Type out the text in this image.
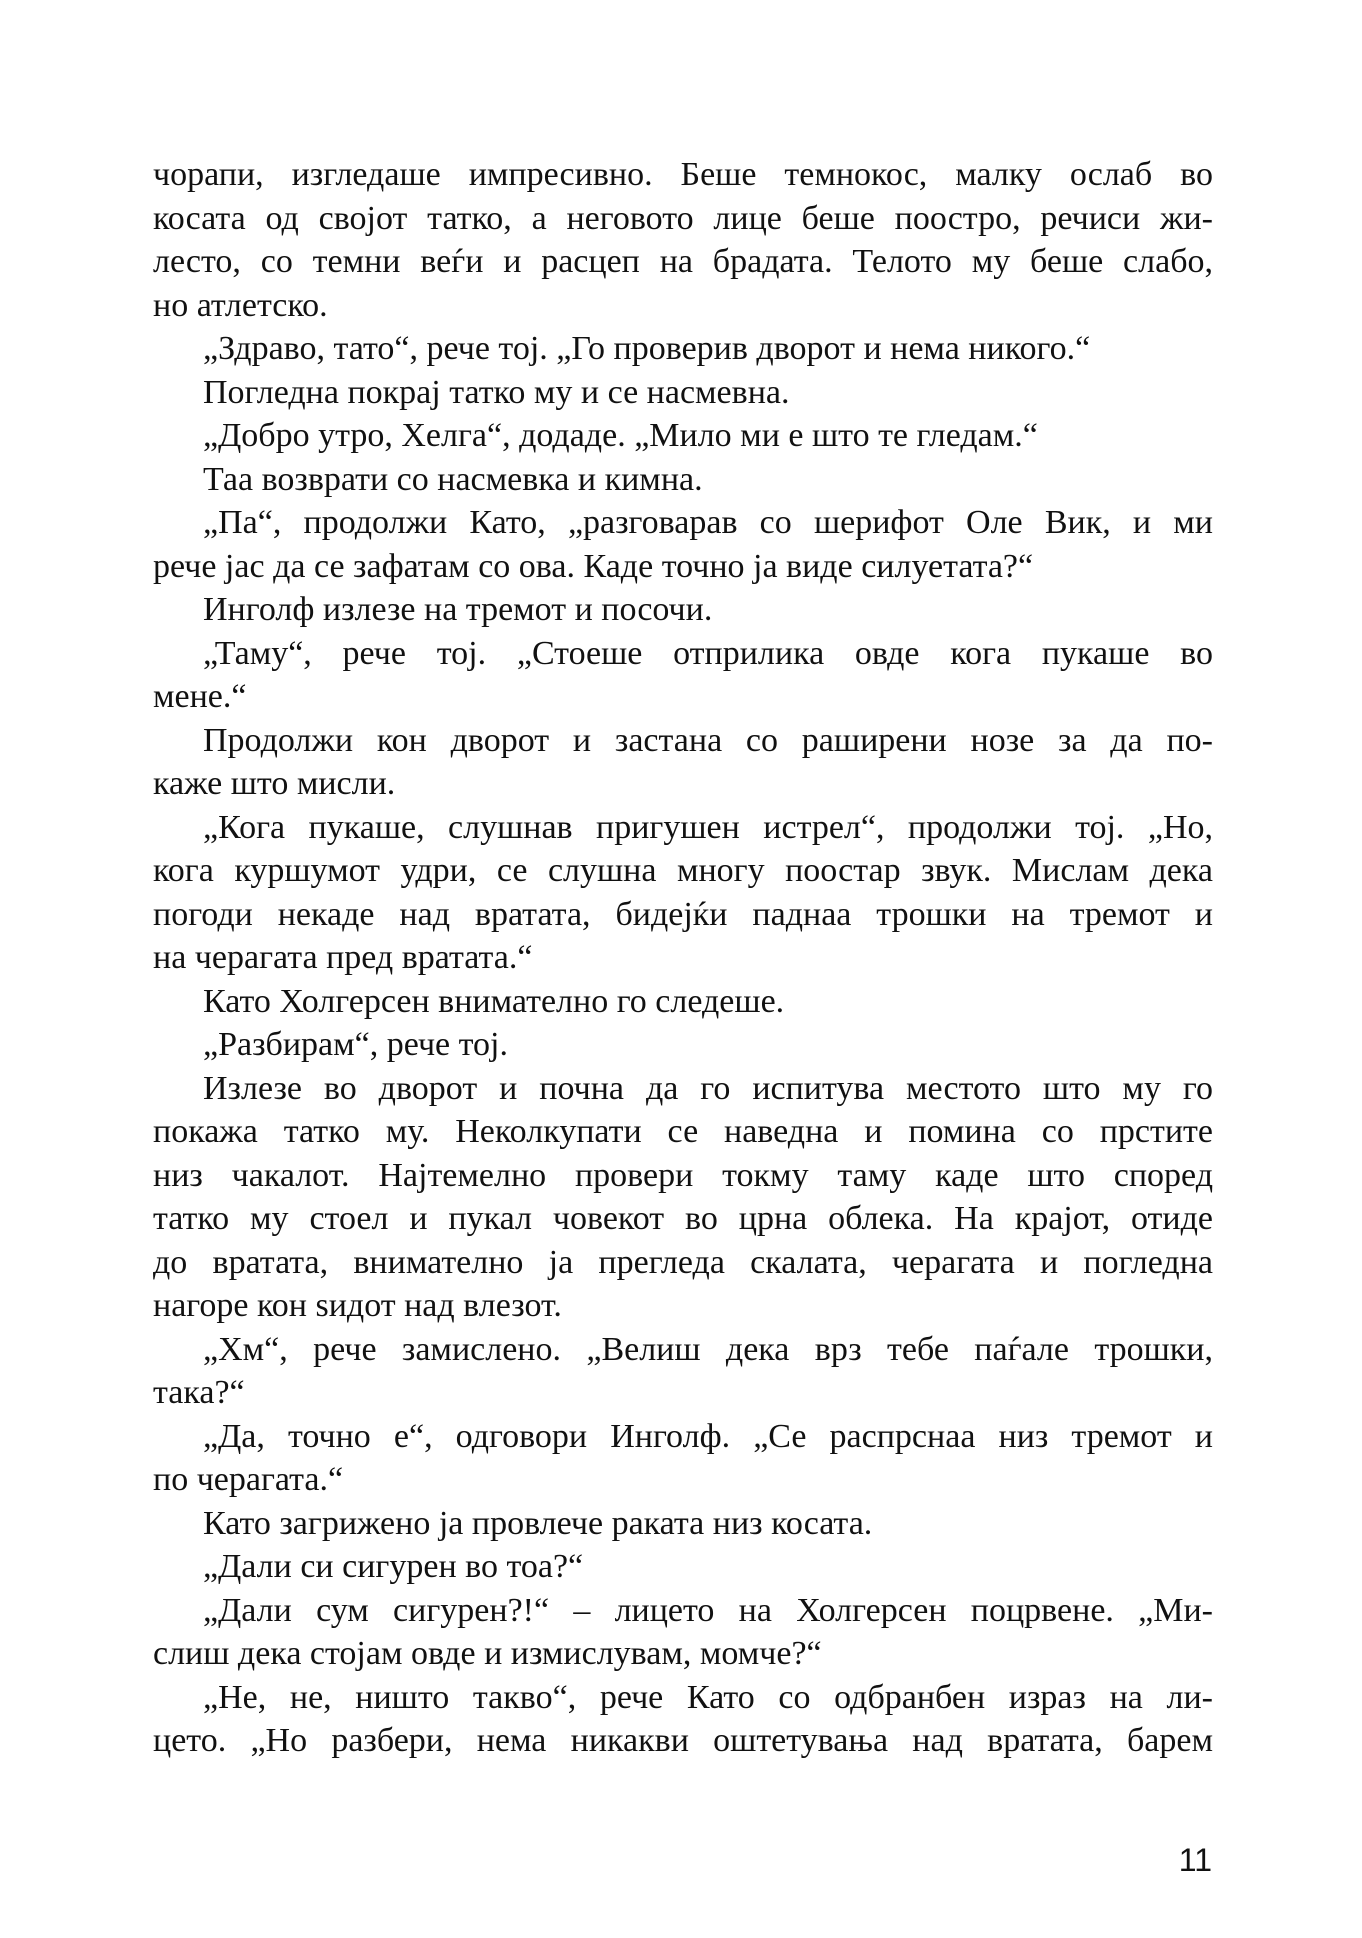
чорапи, изгледаше импресивно. Беше темнокос, малку ослаб во
косата од својот татко, а неговото лице беше поостро, речиси жи-
лесто, со темни веѓи и расцеп на брадата. Телото му беше слабо,
но атлетско.
„Здраво, тато“, рече тој. „Го проверив дворот и нема никого.“
Погледна покрај татко му и се насмевна.
„Добро утро, Хелга“, додаде. „Мило ми е што те гледам.“
Таа возврати со насмевка и кимна.
„Па“, продолжи Като, „разговарав со шерифот Оле Вик, и ми
рече јас да се зафатам со ова. Каде точно ја виде силуетата?“
Инголф излезе на тремот и посочи.
„Таму“, рече тој. „Стоеше отприлика овде кога пукаше во
мене.“
Продолжи кон дворот и застана со раширени нозе за да по-
каже што мисли.
„Кога пукаше, слушнав пригушен истрел“, продолжи тој. „Но,
кога куршумот удри, се слушна многу поостар звук. Мислам дека
погоди некаде над вратата, бидејќи паднаа трошки на тремот и
на черагата пред вратата.“
Като Холгерсен внимателно го следеше.
„Разбирам“, рече тој.
Излезе во дворот и почна да го испитува местото што му го
покажа татко му. Неколкупати се наведна и помина со прстите
низ чакалот. Најтемелно провери токму таму каде што според
татко му стоел и пукал човекот во црна облека. На крајот, отиде
до вратата, внимателно ја прегледа скалата, черагата и погледна
нагоре кон ѕидот над влезот.
„Хм“, рече замислено. „Велиш дека врз тебе паѓале трошки,
така?“
„Да, точно е“, одговори Инголф. „Се распрснаа низ тремот и
по черагата.“
Като загрижено ја провлече раката низ косата.
„Дали си сигурен во тоа?“
„Дали сум сигурен?!“ – лицето на Холгерсен поцрвене. „Ми-
слиш дека стојам овде и измислувам, момче?“
„Не, не, ништо такво“, рече Като со одбранбен израз на ли-
цето. „Но разбери, нема никакви оштетувања над вратата, барем
11
